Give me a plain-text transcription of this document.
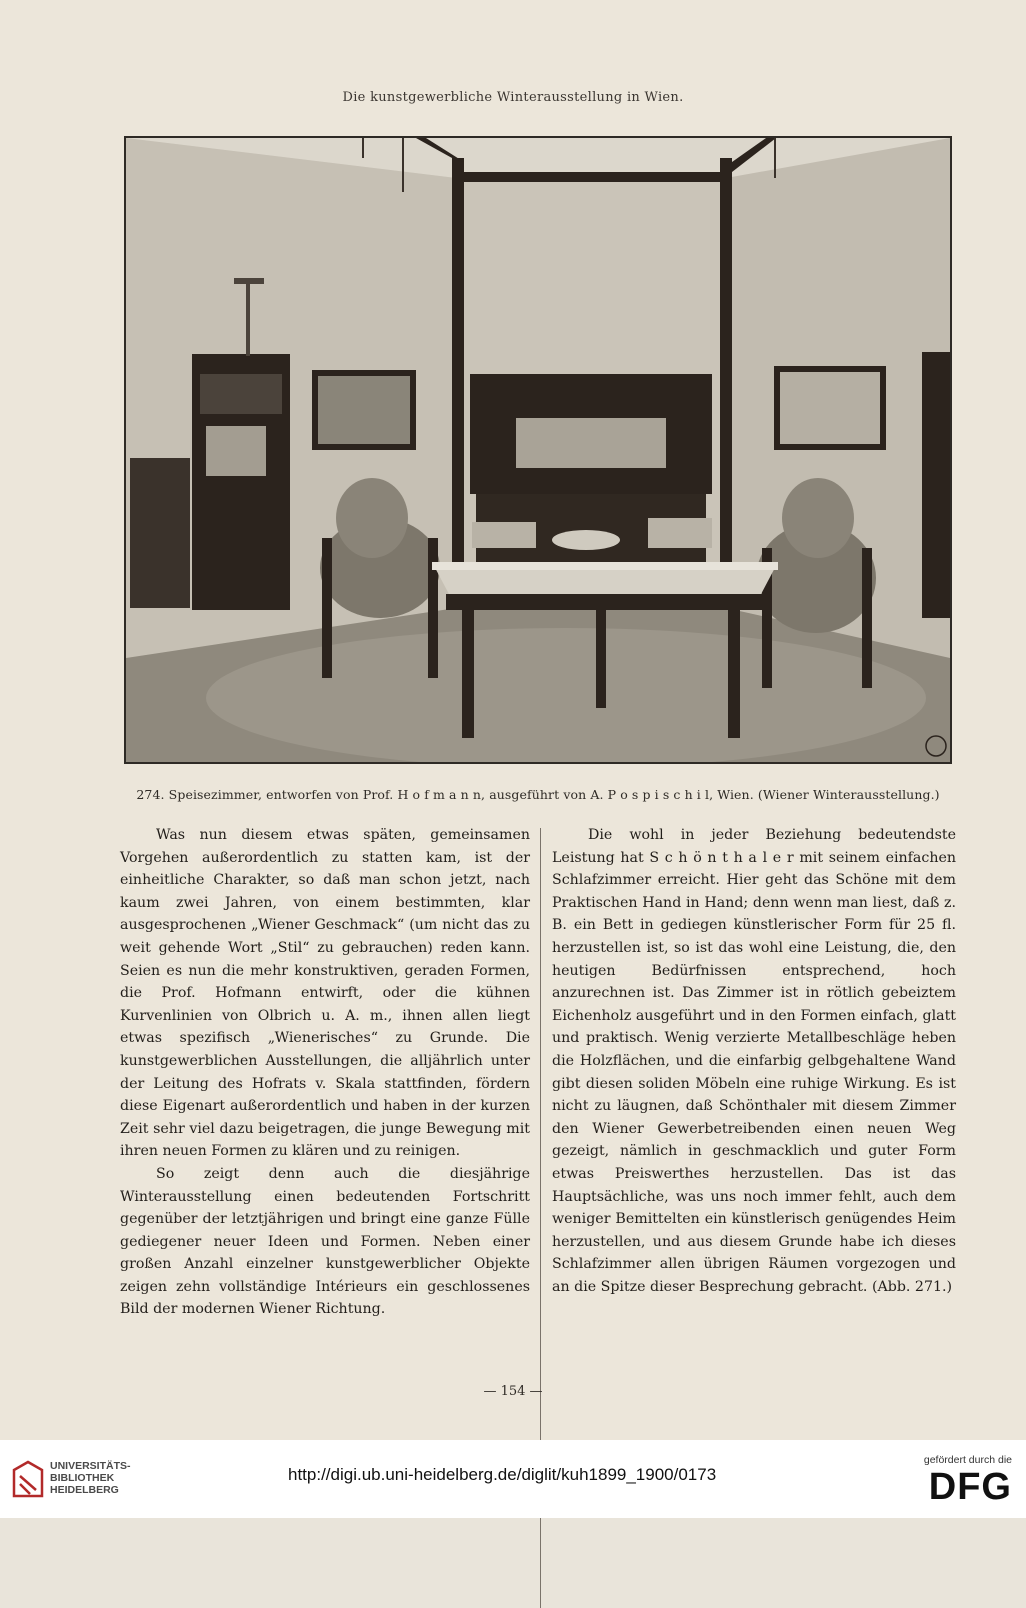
Die kunstgewerbliche Winterausstellung in Wien.
274. Speisezimmer, entworfen von Prof. H o f m a n n, ausgeführt von A. P o s p i s c h i l, Wien. (Wiener Winterausstellung.)

Was nun diesem etwas späten, gemeinsamen Vorgehen außerordentlich zu statten kam, ist der einheitliche Charakter, so daß man schon jetzt, nach kaum zwei Jahren, von einem bestimmten, klar ausgesprochenen „Wiener Geschmack“ (um nicht das zu weit gehende Wort „Stil“ zu gebrauchen) reden kann. Seien es nun die mehr konstruktiven, geraden Formen, die Prof. Hofmann entwirft, oder die kühnen Kurvenlinien von Olbrich u. A. m., ihnen allen liegt etwas spezifisch „Wienerisches“ zu Grunde. Die kunstgewerblichen Ausstellungen, die alljährlich unter der Leitung des Hofrats v. Skala stattfinden, fördern diese Eigenart außerordentlich und haben in der kurzen Zeit sehr viel dazu beigetragen, die junge Bewegung mit ihren neuen Formen zu klären und zu reinigen.

So zeigt denn auch die diesjährige Winterausstellung einen bedeutenden Fortschritt gegenüber der letztjährigen und bringt eine ganze Fülle gediegener neuer Ideen und Formen. Neben einer großen Anzahl einzelner kunstgewerblicher Objekte zeigen zehn vollständige Intérieurs ein geschlossenes Bild der modernen Wiener Richtung.

Die wohl in jeder Beziehung bedeutendste Leistung hat S c h ö n t h a l e r mit seinem einfachen Schlafzimmer erreicht. Hier geht das Schöne mit dem Praktischen Hand in Hand; denn wenn man liest, daß z. B. ein Bett in gediegen künstlerischer Form für 25 fl. herzustellen ist, so ist das wohl eine Leistung, die, den heutigen Bedürfnissen entsprechend, hoch anzurechnen ist. Das Zimmer ist in rötlich gebeiztem Eichenholz ausgeführt und in den Formen einfach, glatt und praktisch. Wenig verzierte Metallbeschläge heben die Holzflächen, und die einfarbig gelbgehaltene Wand gibt diesen soliden Möbeln eine ruhige Wirkung. Es ist nicht zu läugnen, daß Schönthaler mit diesem Zimmer den Wiener Gewerbetreibenden einen neuen Weg gezeigt, nämlich in geschmacklich und guter Form etwas Preiswerthes herzustellen. Das ist das Hauptsächliche, was uns noch immer fehlt, auch dem weniger Bemittelten ein künstlerisch genügendes Heim herzustellen, und aus diesem Grunde habe ich dieses Schlafzimmer allen übrigen Räumen vorgezogen und an die Spitze dieser Besprechung gebracht. (Abb. 271.)

— 154 —
UNIVERSITÄTS-
BIBLIOTHEK
HEIDELBERG
http://digi.ub.uni-heidelberg.de/diglit/kuh1899_1900/0173
gefördert durch die
DFG
